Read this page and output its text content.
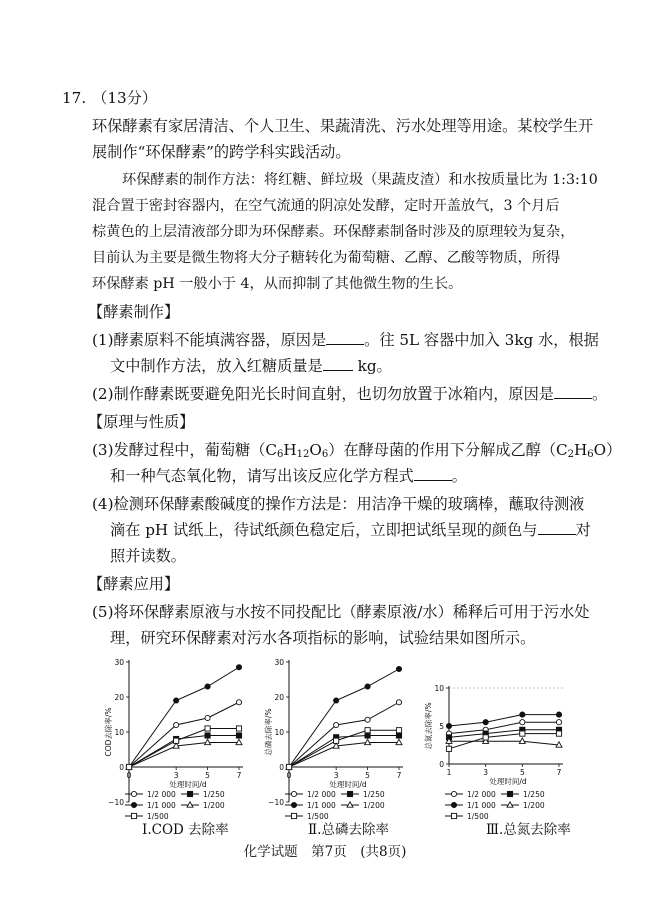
17. （13分）
环保酵素有家居清洁、个人卫生、果蔬清洗、污水处理等用途。某校学生开
展制作“环保酵素”的跨学科实践活动。
环保酵素的制作方法：将红糖、鲜垃圾（果蔬皮渣）和水按质量比为 1:3:10
混合置于密封容器内，在空气流通的阴凉处发酵，定时开盖放气，3 个月后
棕黄色的上层清液部分即为环保酵素。环保酵素制备时涉及的原理较为复杂，
目前认为主要是微生物将大分子糖转化为葡萄糖、乙醇、乙酸等物质，所得
环保酵素 pH 一般小于 4，从而抑制了其他微生物的生长。
【酵素制作】
(1)酵素原料不能填满容器，原因是	。往 5L 容器中加入 3kg 水，根据
文中制作方法，放入红糖质量是 kg。
(2)制作酵素既要避免阳光长时间直射，也切勿放置于冰箱内，原因是	。
【原理与性质】
(3)发酵过程中，葡萄糖$(C_6H_{12}O_6)$在酵母菌的作用下分解成乙醇$(C_2H_6O)$
和一种气态氧化物，请写出该反应化学方程式	。
(4)检测环保酵素酸碱度的操作方法是：用洁净干燥的玻璃棒，蘸取待测液
滴在 pH 试纸上，待试纸颜色稳定后，立即把试纸呈现的颜色与	对
照并读数。
【酵素应用】
(5)将环保酵素原液与水按不同投配比（酵素原液/水）稀释后可用于污水处
理，研究环保酵素对污水各项指标的影响，试验结果如图所示。
30
20
10
0
−10
0	3	5	7
处理时间/d
COD去除率/%
1/2 000	1/250
1/1 000	1/200
1/500
30
20
10
0
−10
0	3	5	7
处理时间/d
总磷去除率/%
1/2 000	1/250
1/1 000	1/200
1/500
10
5
0
1	3	5	7
处理时间/d
总氮去除率/%
1/2 000	1/250
1/1 000	1/200
1/500
Ⅰ.COD 去除率	Ⅱ.总磷去除率	Ⅲ.总氮去除率
化学试题　第7页　(共8页)
